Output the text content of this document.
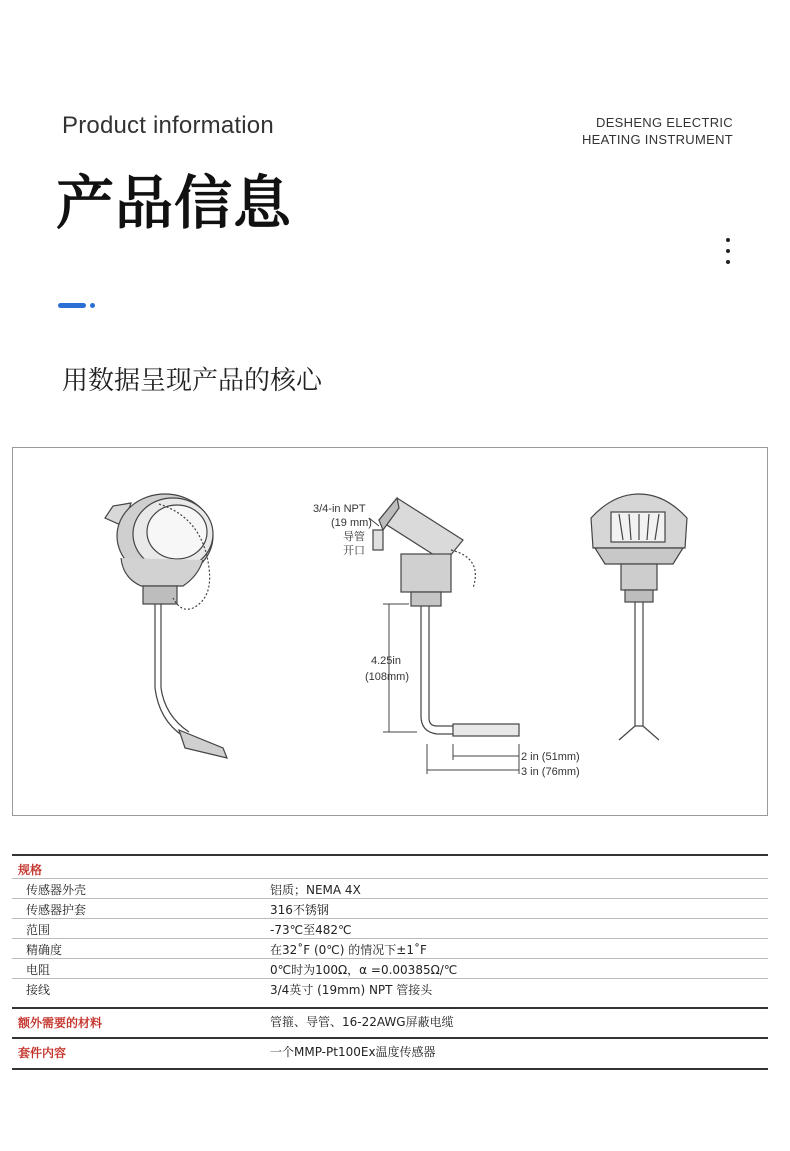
Product information	DESHENG ELECTRIC
HEATING INSTRUMENT
产品信息
用数据呈现产品的核心
3/4-in NPT
(19 mm)
导管
开口
4.25in
(108mm)
2 in (51mm)
3 in (76mm)
规格
传感器外壳	铝质；NEMA 4X
传感器护套	316不锈钢
范围	-73℃至482℃
精确度	在32˚F (0℃) 的情况下±1˚F
电阻	0℃时为100Ω，α =0.00385Ω/℃
接线	3/4英寸 (19mm) NPT 管接头
额外需要的材料	管箍、导管、16-22AWG屏蔽电缆
套件内容	一个MMP-Pt100Ex温度传感器
